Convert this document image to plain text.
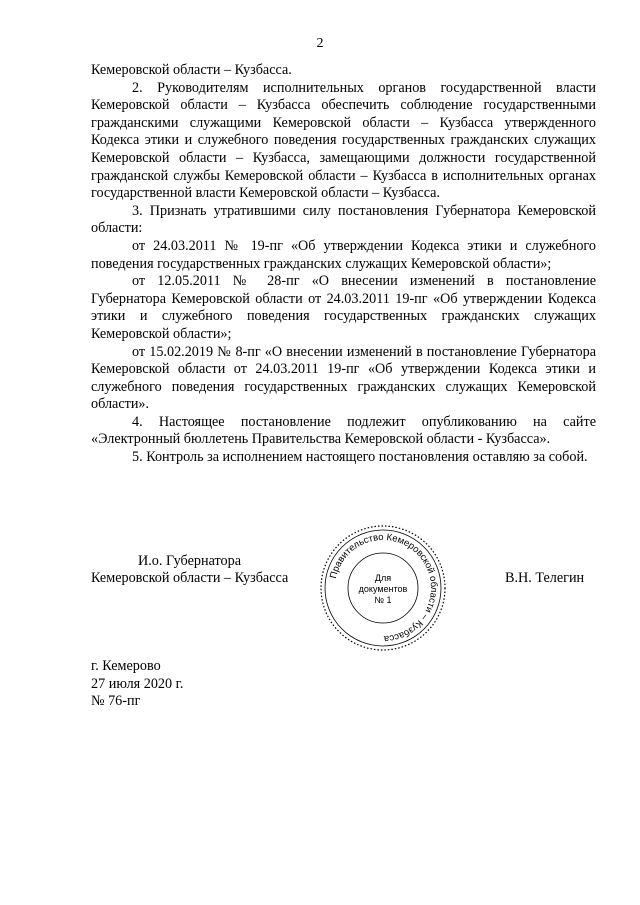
2

Кемеровской области – Кузбасса.

2. Руководителям исполнительных органов государственной власти Кемеровской области – Кузбасса обеспечить соблюдение государственными гражданскими служащими Кемеровской области – Кузбасса утвержденного Кодекса этики и служебного поведения государственных гражданских служащих Кемеровской области – Кузбасса, замещающими должности государственной гражданской службы Кемеровской области – Кузбасса в исполнительных органах государственной власти Кемеровской области – Кузбасса.

3. Признать утратившими силу постановления Губернатора Кемеровской области:

от 24.03.2011 № 19-пг «Об утверждении Кодекса этики и служебного поведения государственных гражданских служащих Кемеровской области»;

от 12.05.2011 № 28-пг «О внесении изменений в постановление Губернатора Кемеровской области от 24.03.2011 19-пг «Об утверждении Кодекса этики и служебного поведения государственных гражданских служащих Кемеровской области»;

от 15.02.2019 № 8-пг «О внесении изменений в постановление Губернатора Кемеровской области от 24.03.2011 19-пг «Об утверждении Кодекса этики и служебного поведения государственных гражданских служащих Кемеровской области».

4. Настоящее постановление подлежит опубликованию на сайте «Электронный бюллетень Правительства Кемеровской области - Кузбасса».

5. Контроль за исполнением настоящего постановления оставляю за собой.

И.о. Губернатора
Кемеровской области – Кузбасса	В.Н. Телегин
Правительство Кемеровской области – Кузбасса
Для
документов
№ 1
г. Кемерово
27 июля 2020 г.
№ 76-пг
